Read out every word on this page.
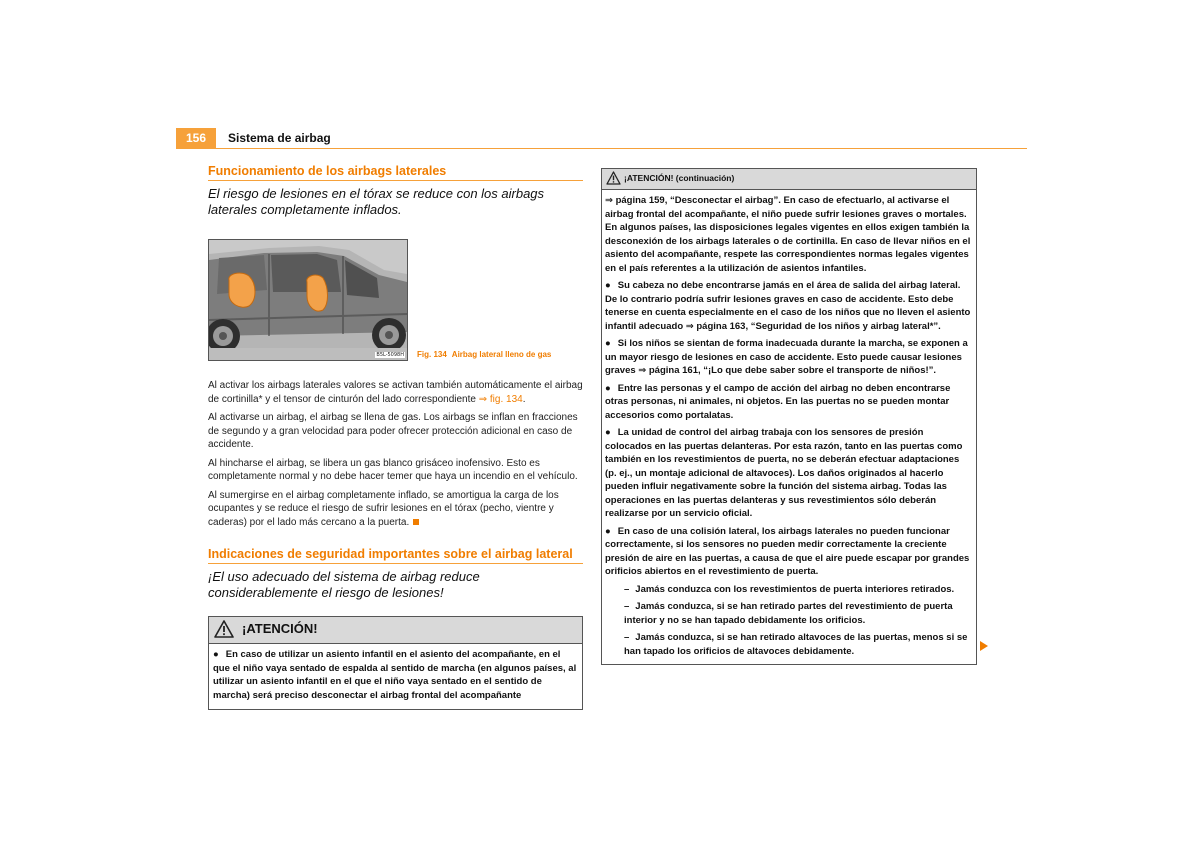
156	Sistema de airbag
Funcionamiento de los airbags laterales

El riesgo de lesiones en el tórax se reduce con los airbags laterales completamente inflados.

B5L-5098H Fig. 134 Airbag lateral lleno de gas

Al activar los airbags laterales valores se activan también automáticamente el airbag de cortinilla* y el tensor de cinturón del lado correspondiente ⇒ fig. 134.

Al activarse un airbag, el airbag se llena de gas. Los airbags se inflan en fracciones de segundo y a gran velocidad para poder ofrecer protección adicional en caso de accidente.

Al hincharse el airbag, se libera un gas blanco grisáceo inofensivo. Esto es completamente normal y no debe hacer temer que haya un incendio en el vehículo.

Al sumergirse en el airbag completamente inflado, se amortigua la carga de los ocupantes y se reduce el riesgo de sufrir lesiones en el tórax (pecho, vientre y caderas) por el lado más cercano a la puerta.

Indicaciones de seguridad importantes sobre el airbag lateral

¡El uso adecuado del sistema de airbag reduce considerablemente el riesgo de lesiones!

¡ATENCIÓN!

● En caso de utilizar un asiento infantil en el asiento del acompañante, en el que el niño vaya sentado de espalda al sentido de marcha (en algunos países, al utilizar un asiento infantil en el que el niño vaya sentado en el sentido de marcha) será preciso desconectar el airbag frontal del acompañante

¡ATENCIÓN! (continuación)

⇒ página 159, “Desconectar el airbag”. En caso de efectuarlo, al activarse el airbag frontal del acompañante, el niño puede sufrir lesiones graves o mortales. En algunos países, las disposiciones legales vigentes en ellos exigen también la desconexión de los airbags laterales o de cortinilla. En caso de llevar niños en el asiento del acompañante, respete las correspondientes normas legales vigentes en el país referentes a la utilización de asientos infantiles.

● Su cabeza no debe encontrarse jamás en el área de salida del airbag lateral. De lo contrario podría sufrir lesiones graves en caso de accidente. Esto debe tenerse en cuenta especialmente en el caso de los niños que no lleven el asiento infantil adecuado ⇒ página 163, “Seguridad de los niños y airbag lateral*”.

● Si los niños se sientan de forma inadecuada durante la marcha, se exponen a un mayor riesgo de lesiones en caso de accidente. Esto puede causar lesiones graves ⇒ página 161, “¡Lo que debe saber sobre el transporte de niños!”.

● Entre las personas y el campo de acción del airbag no deben encontrarse otras personas, ni animales, ni objetos. En las puertas no se pueden montar accesorios como portalatas.

● La unidad de control del airbag trabaja con los sensores de presión colocados en las puertas delanteras. Por esta razón, tanto en las puertas como también en los revestimientos de puerta, no se deberán efectuar adaptaciones (p. ej., un montaje adicional de altavoces). Los daños originados al hacerlo pueden influir negativamente sobre la función del sistema airbag. Todas las operaciones en las puertas delanteras y sus revestimientos sólo deberán realizarse por un servicio oficial.

● En caso de una colisión lateral, los airbags laterales no pueden funcionar correctamente, si los sensores no pueden medir correctamente la creciente presión de aire en las puertas, a causa de que el aire puede escapar por grandes orificios abiertos en el revestimiento de puerta.

– Jamás conduzca con los revestimientos de puerta interiores retirados.

– Jamás conduzca, si se han retirado partes del revestimiento de puerta interior y no se han tapado debidamente los orificios.

– Jamás conduzca, si se han retirado altavoces de las puertas, menos si se han tapado los orificios de altavoces debidamente.
